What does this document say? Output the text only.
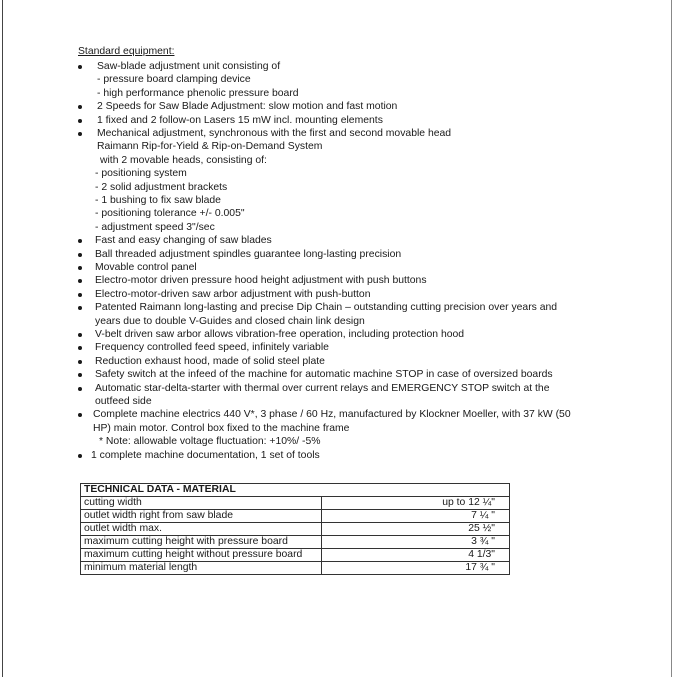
Standard equipment:
Saw-blade adjustment unit consisting of
- pressure board clamping device
- high performance phenolic pressure board
2 Speeds for Saw Blade Adjustment: slow motion and fast motion
1 fixed and 2 follow-on Lasers 15 mW incl. mounting elements
Mechanical adjustment, synchronous with the first and second movable head
Raimann Rip-for-Yield & Rip-on-Demand System
with 2 movable heads, consisting of:
- positioning system
- 2 solid adjustment brackets
- 1 bushing to fix saw blade
- positioning tolerance +/- 0.005"
- adjustment speed 3"/sec
Fast and easy changing of saw blades
Ball threaded adjustment spindles guarantee long-lasting precision
Movable control panel
Electro-motor driven pressure hood height adjustment with push buttons
Electro-motor-driven saw arbor adjustment with push-button
Patented Raimann long-lasting and precise Dip Chain – outstanding cutting precision over years and
years due to double V-Guides and closed chain link design
V-belt driven saw arbor allows vibration-free operation, including protection hood
Frequency controlled feed speed, infinitely variable
Reduction exhaust hood, made of solid steel plate
Safety switch at the infeed of the machine for automatic machine STOP in case of oversized boards
Automatic star-delta-starter with thermal over current relays and EMERGENCY STOP switch at the
outfeed side
Complete machine electrics 440 V*, 3 phase / 60 Hz, manufactured by Klockner Moeller, with 37 kW (50
HP) main motor. Control box fixed to the machine frame
* Note: allowable voltage fluctuation: +10%/ -5%
1 complete machine documentation, 1 set of tools
TECHNICAL DATA - MATERIAL	
cutting width	up to 12 ¼"
outlet width right from saw blade	7 ¼ "
outlet width max.	25 ½"
maximum cutting height with pressure board	3 ¾ "
maximum cutting height without pressure board	4 1/3"
minimum material length	17 ¾ "
